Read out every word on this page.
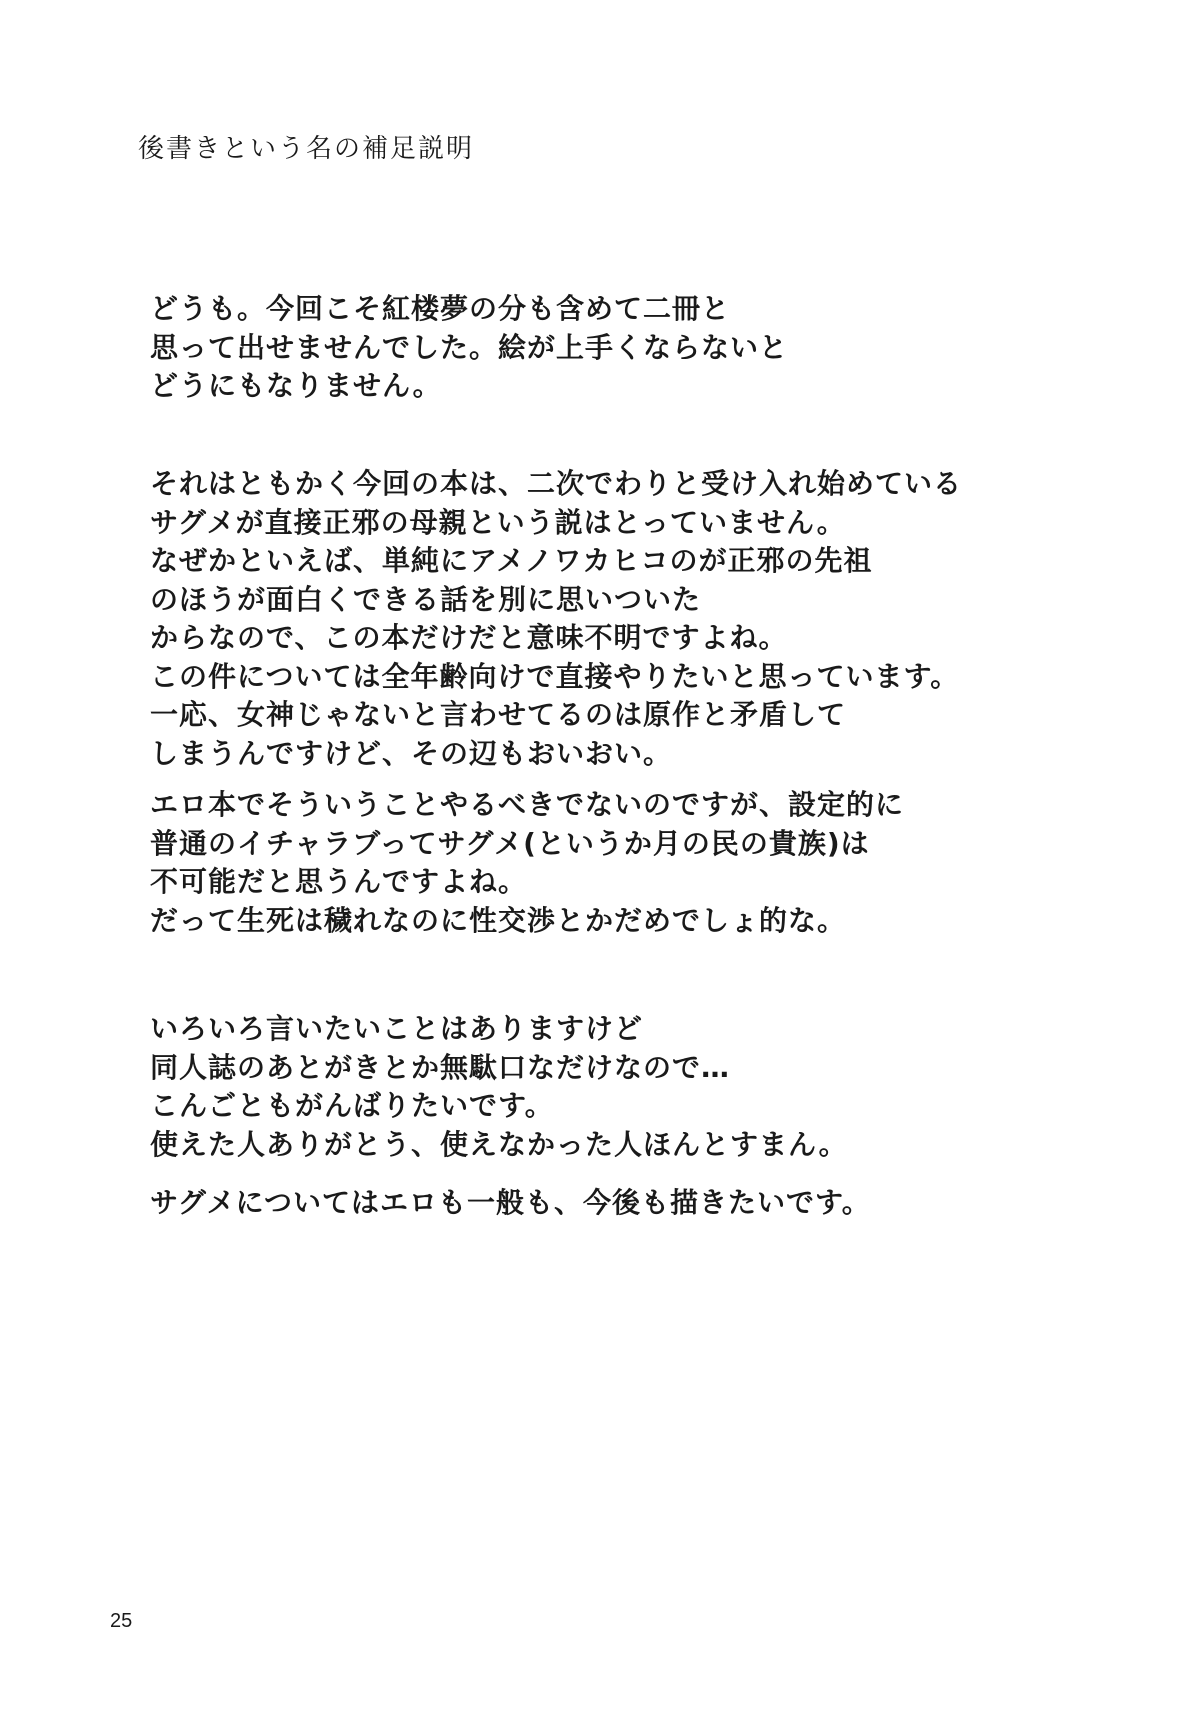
後書きという名の補足説明
どうも。今回こそ紅楼夢の分も含めて二冊と
思って出せませんでした。絵が上手くならないと
どうにもなりません。
それはともかく今回の本は、二次でわりと受け入れ始めている
サグメが直接正邪の母親という説はとっていません。
なぜかといえば、単純にアメノワカヒコのが正邪の先祖
のほうが面白くできる話を別に思いついた
からなので、この本だけだと意味不明ですよね。
この件については全年齢向けで直接やりたいと思っています。
一応、女神じゃないと言わせてるのは原作と矛盾して
しまうんですけど、その辺もおいおい。
エロ本でそういうことやるべきでないのですが、設定的に
普通のイチャラブってサグメ(というか月の民の貴族)は
不可能だと思うんですよね。
だって生死は穢れなのに性交渉とかだめでしょ的な。
いろいろ言いたいことはありますけど
同人誌のあとがきとか無駄口なだけなので…
こんごともがんばりたいです。
使えた人ありがとう、使えなかった人ほんとすまん。
サグメについてはエロも一般も、今後も描きたいです。
25
